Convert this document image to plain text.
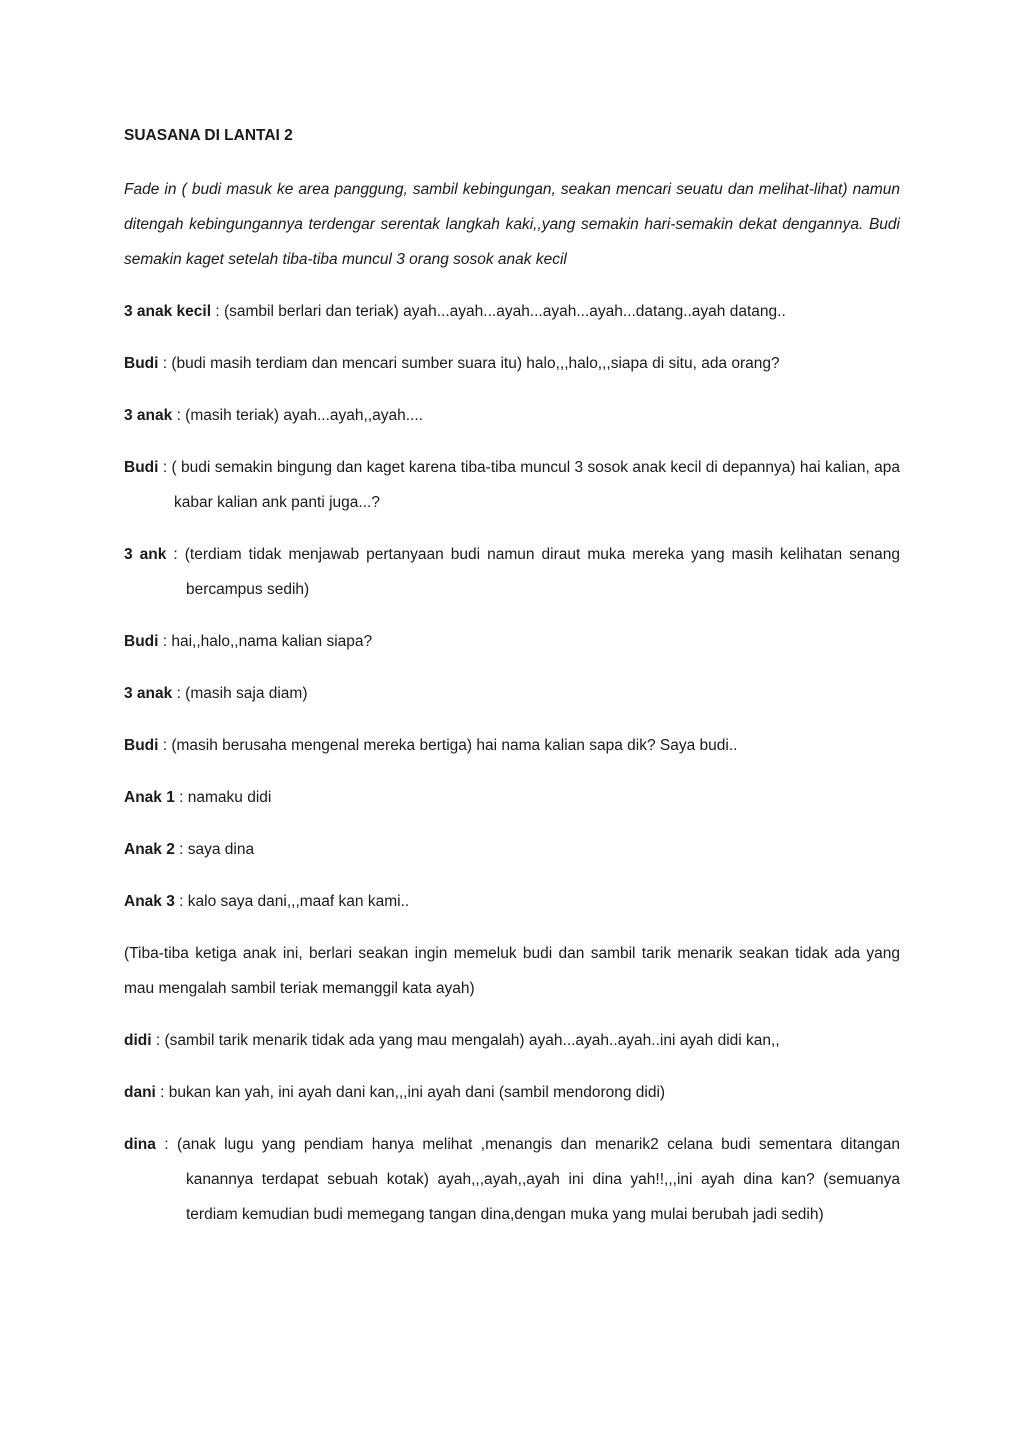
SUASANA DI LANTAI 2

Fade in ( budi masuk ke area panggung, sambil kebingungan, seakan mencari seuatu dan melihat-lihat) namun ditengah kebingungannya terdengar serentak langkah kaki,,yang semakin hari-semakin dekat dengannya. Budi semakin kaget setelah tiba-tiba muncul 3 orang sosok anak kecil

3 anak kecil : (sambil berlari dan teriak) ayah...ayah...ayah...ayah...ayah...datang..ayah datang..

Budi : (budi masih terdiam dan mencari sumber suara itu) halo,,,halo,,,siapa di situ, ada orang?

3 anak : (masih teriak) ayah...ayah,,ayah....

Budi : ( budi semakin bingung dan kaget karena tiba-tiba muncul 3 sosok anak kecil di depannya) hai kalian, apa kabar kalian ank panti juga...?

3 ank : (terdiam tidak menjawab pertanyaan budi namun diraut muka mereka yang masih kelihatan senang bercampus sedih)

Budi : hai,,halo,,nama kalian siapa?

3 anak : (masih saja diam)

Budi : (masih berusaha mengenal mereka bertiga) hai nama kalian sapa dik? Saya budi..

Anak 1 : namaku didi

Anak 2 : saya dina

Anak 3 : kalo saya dani,,,maaf kan kami..

(Tiba-tiba ketiga anak ini, berlari seakan ingin memeluk budi dan sambil tarik menarik seakan tidak ada yang mau mengalah sambil teriak memanggil kata ayah)

didi : (sambil tarik menarik tidak ada yang mau mengalah) ayah...ayah..ayah..ini ayah didi kan,,

dani : bukan kan yah, ini ayah dani kan,,,ini ayah dani (sambil mendorong didi)

dina : (anak lugu yang pendiam hanya melihat ,menangis dan menarik2 celana budi sementara ditangan kanannya terdapat sebuah kotak) ayah,,,ayah,,ayah ini dina yah!!,,,ini ayah dina kan? (semuanya terdiam kemudian budi memegang tangan dina,dengan muka yang mulai berubah jadi sedih)
